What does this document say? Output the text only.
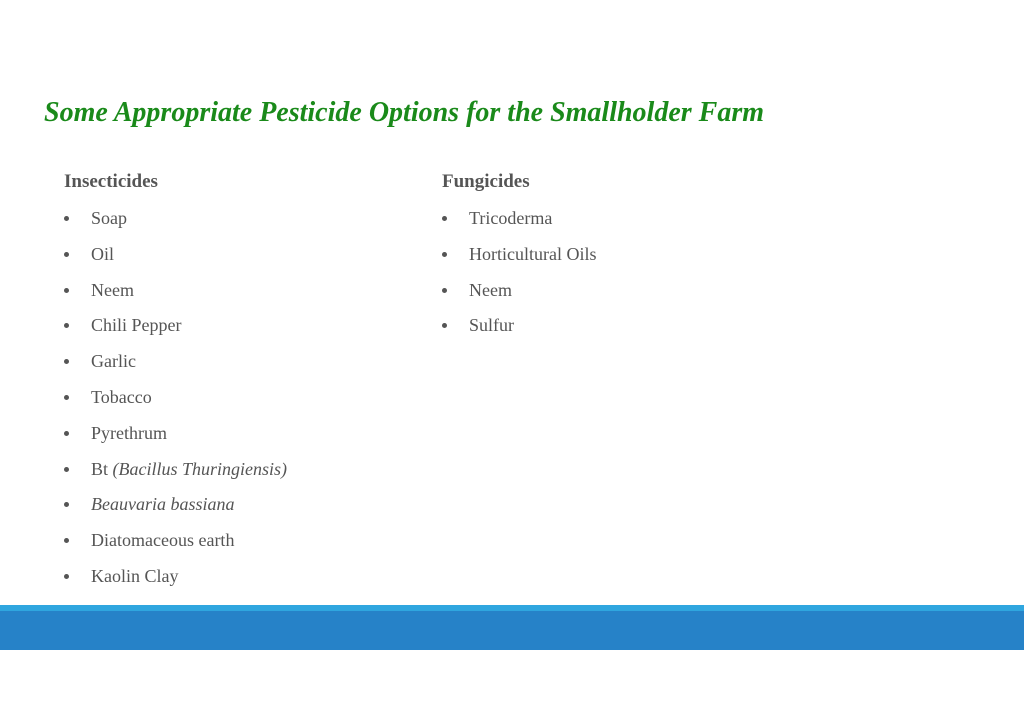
Some Appropriate Pesticide Options for the Smallholder Farm
Insecticides
Soap
Oil
Neem
Chili Pepper
Garlic
Tobacco
Pyrethrum
Bt (Bacillus Thuringiensis)
Beauvaria bassiana
Diatomaceous earth
Kaolin Clay
Fungicides
Tricoderma
Horticultural Oils
Neem
Sulfur
